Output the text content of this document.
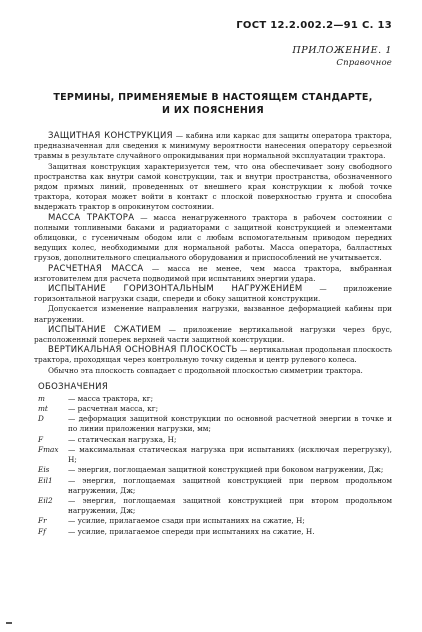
ГОСТ 12.2.002.2—91 С. 13
ПРИЛОЖЕНИЕ. 1
Справочное
ТЕРМИНЫ, ПРИМЕНЯЕМЫЕ В НАСТОЯЩЕМ СТАНДАРТЕ,
И ИХ ПОЯСНЕНИЯ

ЗАЩИТНАЯ КОНСТРУКЦИЯ — кабина или каркас для защиты оператора трактора, предназначенная для сведения к минимуму вероятности нанесения оператору серьезной травмы в результате случайного опрокидывания при нормальной эксплуатации трактора.

Защитная конструкция характеризуется тем, что она обеспечивает зону свободного пространства как внутри самой конструкции, так и внутри пространства, обозначенного рядом прямых линий, проведенных от внешнего края конструкции к любой точке трактора, которая может войти в контакт с плоской поверхностью грунта и способна выдержать трактор в опрокинутом состоянии.

МАССА ТРАКТОРА — масса ненагруженного трактора в рабочем состоянии с полными топливными баками и радиаторами с защитной конструкцией и элементами облицовки, с гусеничным ободом или с любым вспомогательным приводом передних ведущих колес, необходимыми для нормальной работы. Масса оператора, балластных грузов, дополнительного специального оборудования и приспособлений не учитывается.

РАСЧЕТНАЯ МАССА — масса не менее, чем масса трактора, выбранная изготовителем для расчета подводимой при испытаниях энергии удара.

ИСПЫТАНИЕ ГОРИЗОНТАЛЬНЫМ НАГРУЖЕНИЕМ — приложение горизонтальной нагрузки сзади, спереди и сбоку защитной конструкции.

Допускается изменение направления нагрузки, вызванное деформацией кабины при нагружении.

ИСПЫТАНИЕ СЖАТИЕМ — приложение вертикальной нагрузки через брус, расположенный поперек верхней части защитной конструкции.

ВЕРТИКАЛЬНАЯ ОСНОВНАЯ ПЛОСКОСТЬ — вертикальная продольная плоскость трактора, проходящая через контрольную точку сиденья и центр рулевого колеса.

Обычно эта плоскость совпадает с продольной плоскостью симметрии трактора.

ОБОЗНАЧЕНИЯ
m	— масса трактора, кг;
mt	— расчетная масса, кг;
D	— деформация защитной конструкции по основной расчетной энергии в точке и по линии приложения нагрузки, мм;
F	— статическая нагрузка, Н;
Fmax	— максимальная статическая нагрузка при испытаниях (исключая перегрузку), Н;
Eis	— энергия, поглощаемая защитной конструкцией при боковом нагружении, Дж;
Eil1	— энергия, поглощаемая защитной конструкцией при первом продольном нагружении, Дж;
Eil2	— энергия, поглощаемая защитной конструкцией при втором продольном нагружении, Дж;
Fr	— усилие, прилагаемое сзади при испытаниях на сжатие, Н;
Ff	— усилие, прилагаемое спереди при испытаниях на сжатие, Н.
